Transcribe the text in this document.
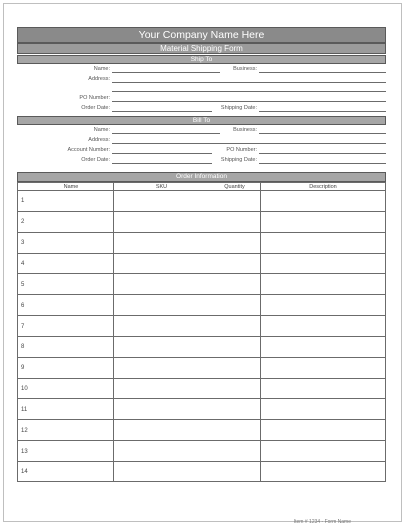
Your Company Name Here
Material Shipping Form
Ship To
Name:	Business:
Address:
PO Number:
Order Date:	Shipping Date:
Bill To
Name:	Business:
Address:
Account Number:	PO Number:
Order Date:	Shipping Date:
Order Information
Name	SKU	Quantity	Description
1
2
3
4
5
6
7
8
9
10
11
12
13
14
Item # 1234 - Form Name
